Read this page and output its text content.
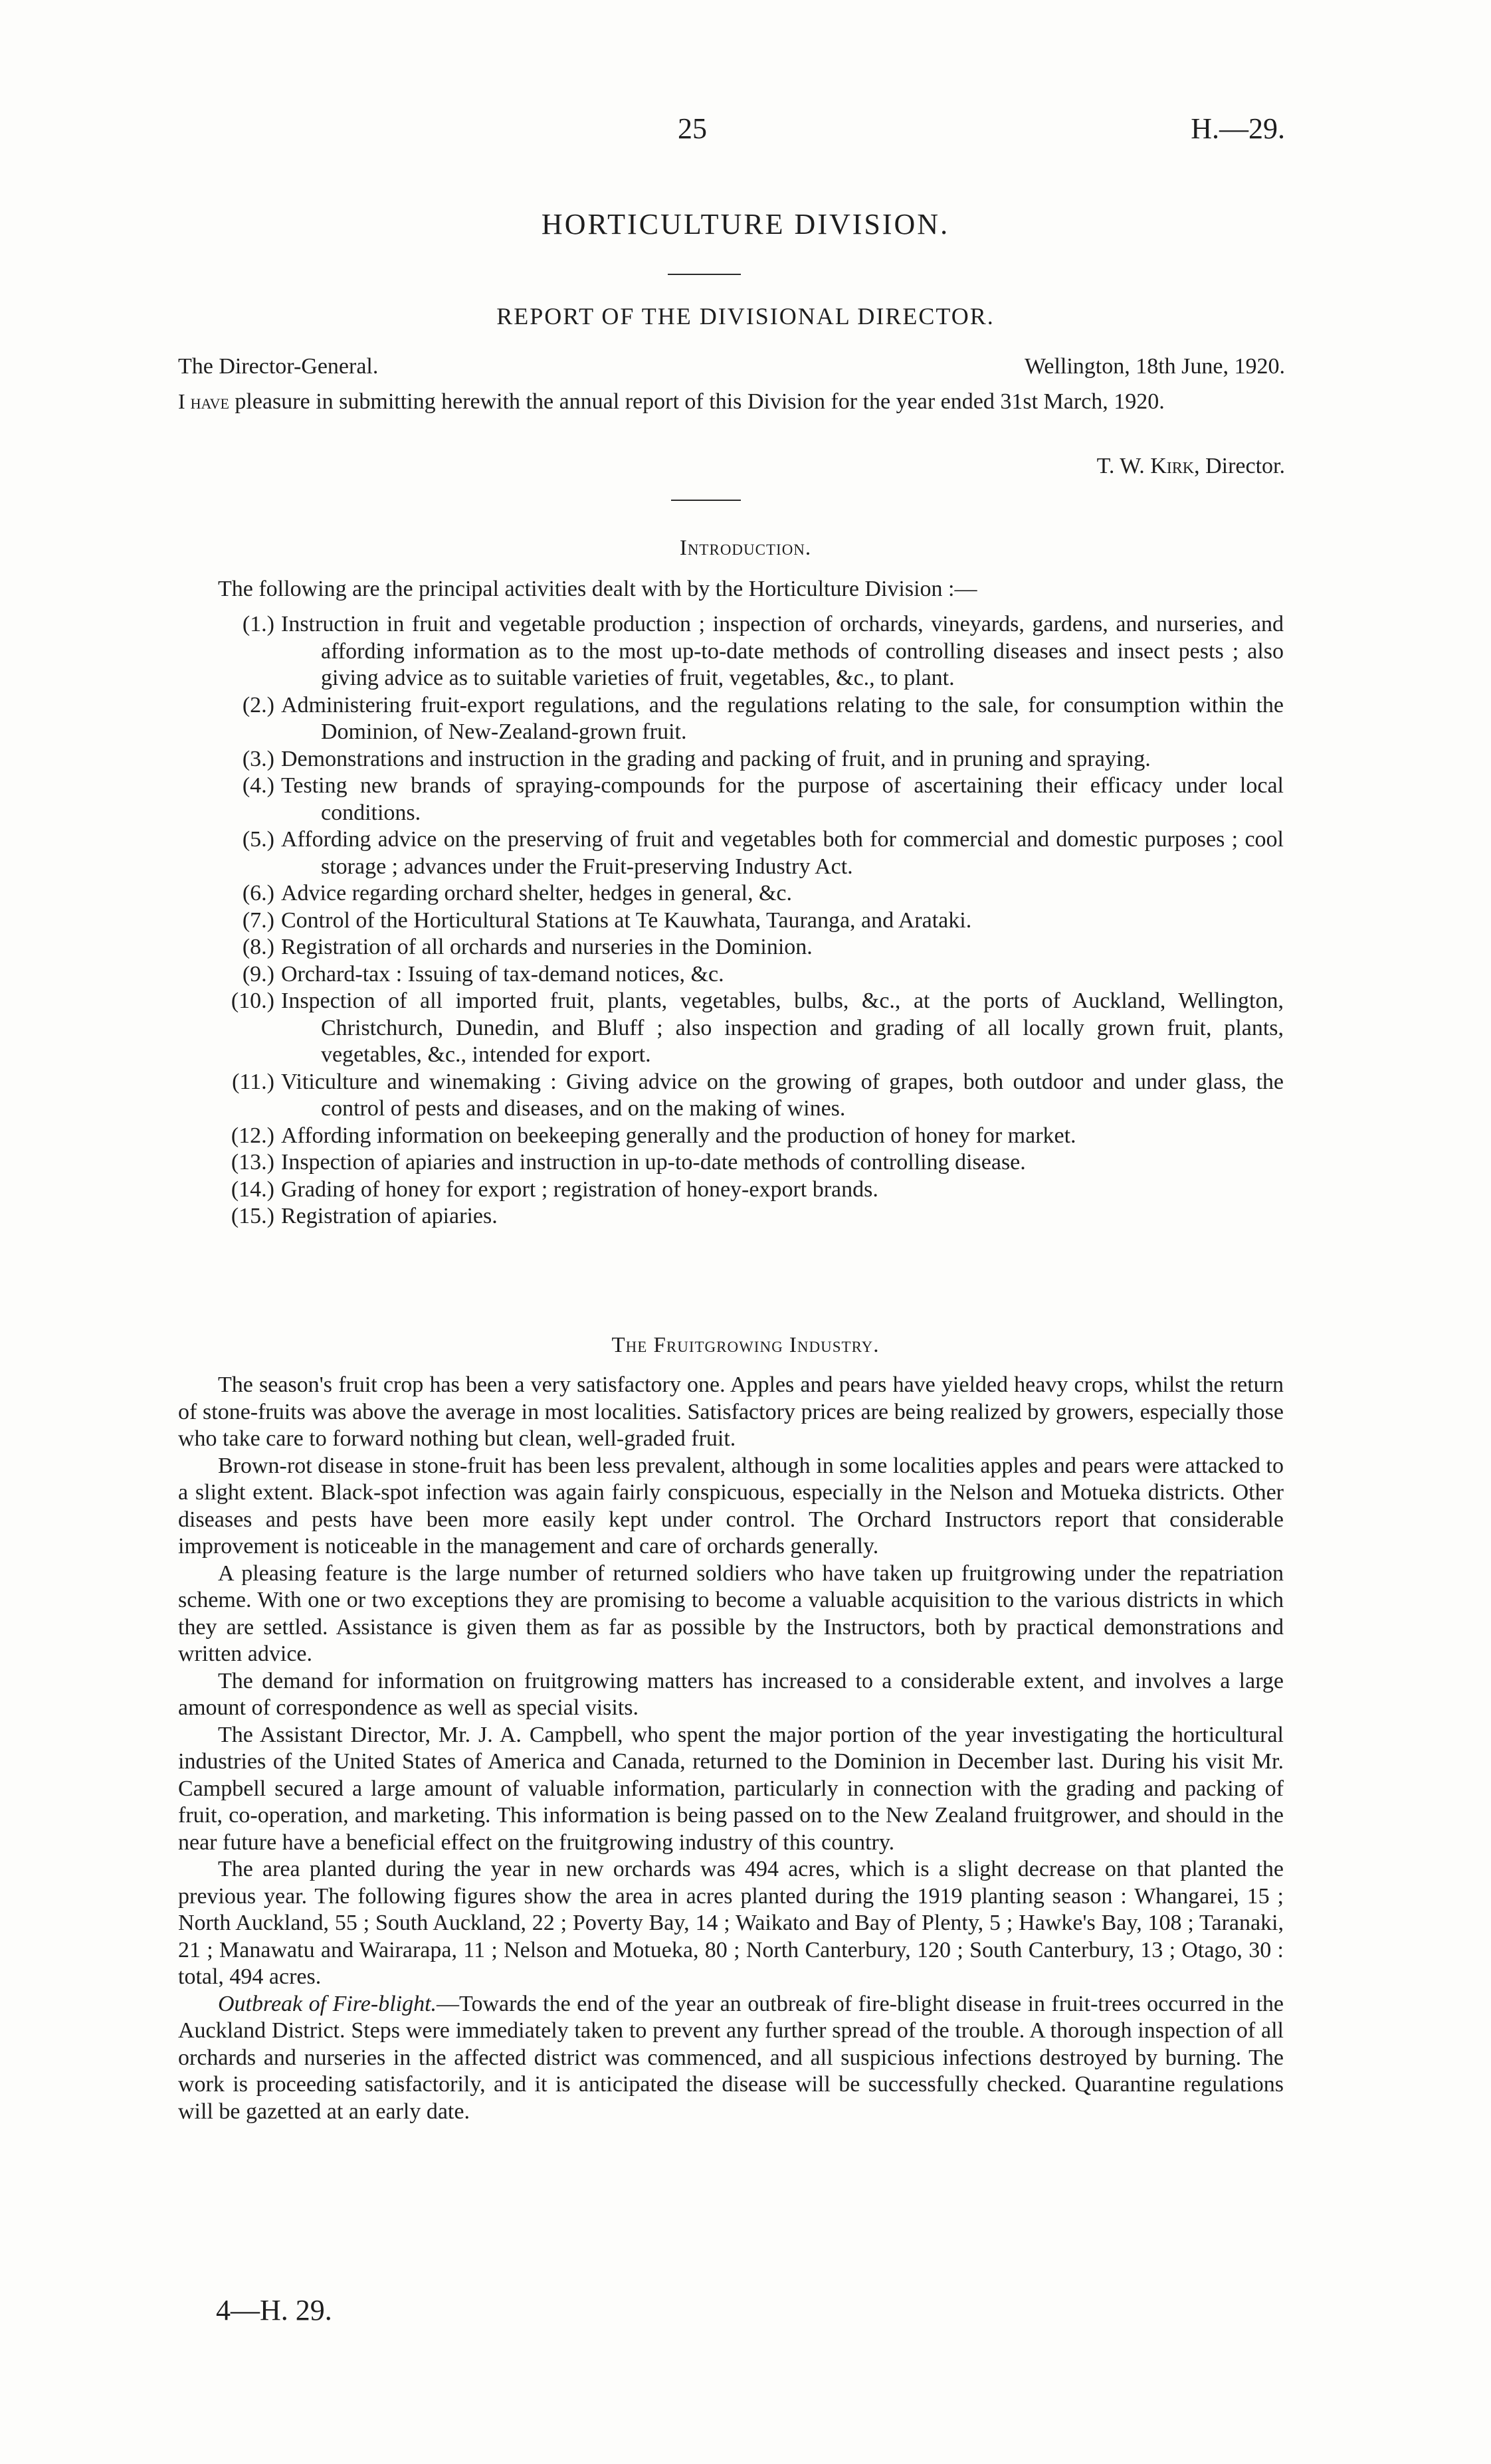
25	H.—29.
HORTICULTURE DIVISION.
REPORT OF THE DIVISIONAL DIRECTOR.
The Director-General.	Wellington, 18th June, 1920.
I have pleasure in submitting herewith the annual report of this Division for the year ended 31st March, 1920.
T. W. Kirk, Director.
Introduction.
The following are the principal activities dealt with by the Horticulture Division :—
(1.) Instruction in fruit and vegetable production ; inspection of orchards, vineyards, gardens, and nurseries, and affording information as to the most up-to-date methods of controlling diseases and insect pests ; also giving advice as to suitable varieties of fruit, vegetables, &c., to plant.
(2.) Administering fruit-export regulations, and the regulations relating to the sale, for consumption within the Dominion, of New-Zealand-grown fruit.
(3.) Demonstrations and instruction in the grading and packing of fruit, and in pruning and spraying.
(4.) Testing new brands of spraying-compounds for the purpose of ascertaining their efficacy under local conditions.
(5.) Affording advice on the preserving of fruit and vegetables both for commercial and domestic purposes ; cool storage ; advances under the Fruit-preserving Industry Act.
(6.) Advice regarding orchard shelter, hedges in general, &c.
(7.) Control of the Horticultural Stations at Te Kauwhata, Tauranga, and Arataki.
(8.) Registration of all orchards and nurseries in the Dominion.
(9.) Orchard-tax : Issuing of tax-demand notices, &c.
(10.) Inspection of all imported fruit, plants, vegetables, bulbs, &c., at the ports of Auckland, Wellington, Christchurch, Dunedin, and Bluff ; also inspection and grading of all locally grown fruit, plants, vegetables, &c., intended for export.
(11.) Viticulture and winemaking : Giving advice on the growing of grapes, both outdoor and under glass, the control of pests and diseases, and on the making of wines.
(12.) Affording information on beekeeping generally and the production of honey for market.
(13.) Inspection of apiaries and instruction in up-to-date methods of controlling disease.
(14.) Grading of honey for export ; registration of honey-export brands.
(15.) Registration of apiaries.
The Fruitgrowing Industry.

The season's fruit crop has been a very satisfactory one. Apples and pears have yielded heavy crops, whilst the return of stone-fruits was above the average in most localities. Satisfactory prices are being realized by growers, especially those who take care to forward nothing but clean, well-graded fruit.

Brown-rot disease in stone-fruit has been less prevalent, although in some localities apples and pears were attacked to a slight extent. Black-spot infection was again fairly conspicuous, especially in the Nelson and Motueka districts. Other diseases and pests have been more easily kept under control. The Orchard Instructors report that considerable improvement is noticeable in the management and care of orchards generally.

A pleasing feature is the large number of returned soldiers who have taken up fruitgrowing under the repatriation scheme. With one or two exceptions they are promising to become a valuable acquisition to the various districts in which they are settled. Assistance is given them as far as possible by the Instructors, both by practical demonstrations and written advice.

The demand for information on fruitgrowing matters has increased to a considerable extent, and involves a large amount of correspondence as well as special visits.

The Assistant Director, Mr. J. A. Campbell, who spent the major portion of the year investigating the horticultural industries of the United States of America and Canada, returned to the Dominion in December last. During his visit Mr. Campbell secured a large amount of valuable information, particularly in connection with the grading and packing of fruit, co-operation, and marketing. This information is being passed on to the New Zealand fruitgrower, and should in the near future have a beneficial effect on the fruitgrowing industry of this country.

The area planted during the year in new orchards was 494 acres, which is a slight decrease on that planted the previous year. The following figures show the area in acres planted during the 1919 planting season : Whangarei, 15 ; North Auckland, 55 ; South Auckland, 22 ; Poverty Bay, 14 ; Waikato and Bay of Plenty, 5 ; Hawke's Bay, 108 ; Taranaki, 21 ; Manawatu and Wairarapa, 11 ; Nelson and Motueka, 80 ; North Canterbury, 120 ; South Canterbury, 13 ; Otago, 30 : total, 494 acres.

Outbreak of Fire-blight.—Towards the end of the year an outbreak of fire-blight disease in fruit-trees occurred in the Auckland District. Steps were immediately taken to prevent any further spread of the trouble. A thorough inspection of all orchards and nurseries in the affected district was commenced, and all suspicious infections destroyed by burning. The work is proceeding satisfactorily, and it is anticipated the disease will be successfully checked. Quarantine regulations will be gazetted at an early date.

4—H. 29.
